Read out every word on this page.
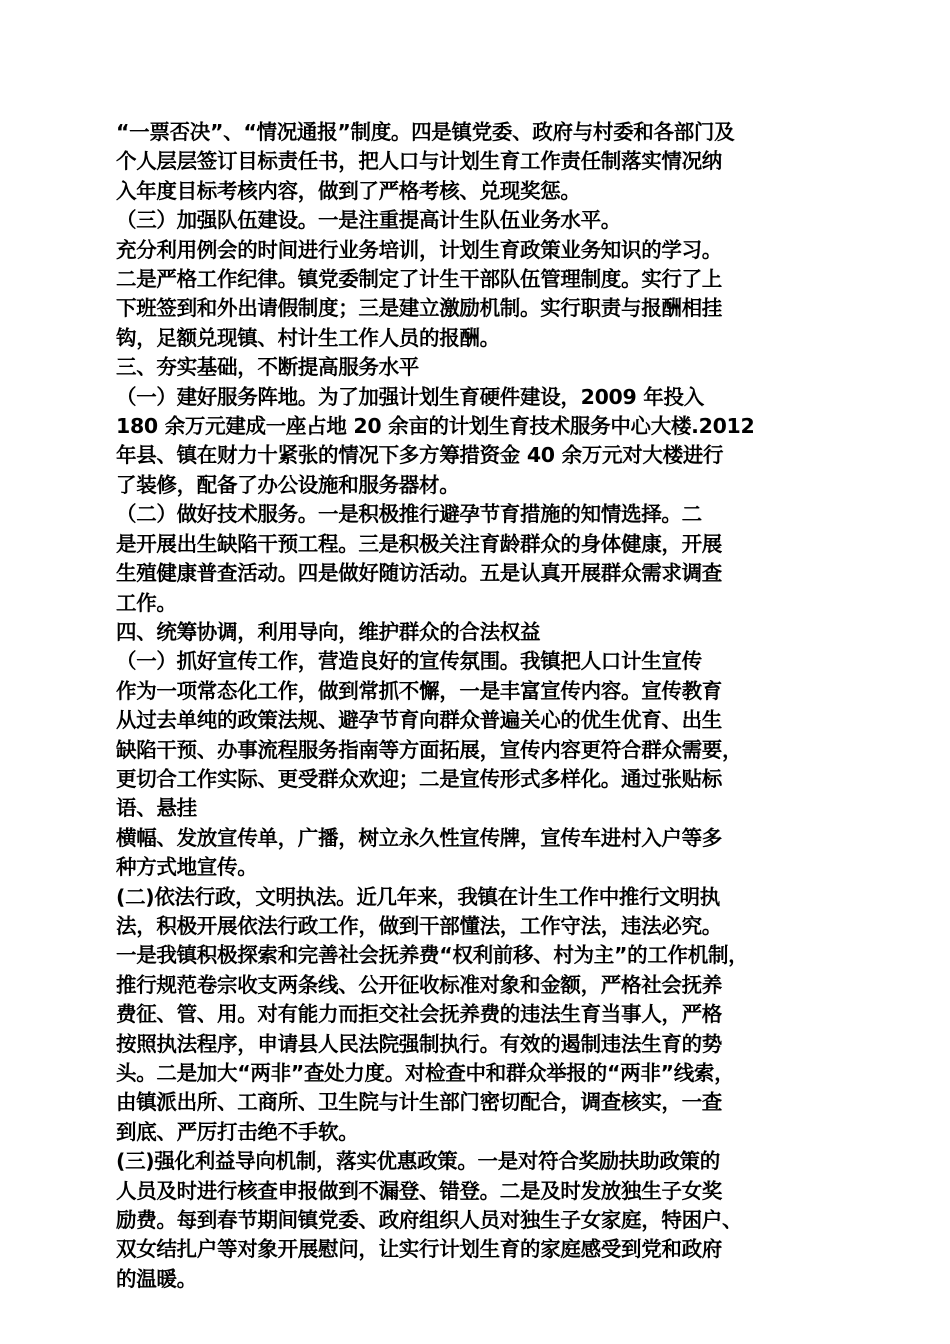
“一票否决”、“情况通报”制度。四是镇党委、政府与村委和各部门及
个人层层签订目标责任书，把人口与计划生育工作责任制落实情况纳
入年度目标考核内容，做到了严格考核、兑现奖惩。
（三）加强队伍建设。一是注重提高计生队伍业务水平。
充分利用例会的时间进行业务培训，计划生育政策业务知识的学习。
二是严格工作纪律。镇党委制定了计生干部队伍管理制度。实行了上
下班签到和外出请假制度；三是建立激励机制。实行职责与报酬相挂
钩，足额兑现镇、村计生工作人员的报酬。
三、夯实基础，不断提高服务水平
（一）建好服务阵地。为了加强计划生育硬件建设，2009 年投入
180 余万元建成一座占地 20 余亩的计划生育技术服务中心大楼.2012
年县、镇在财力十紧张的情况下多方筹措资金 40 余万元对大楼进行
了装修，配备了办公设施和服务器材。
（二）做好技术服务。一是积极推行避孕节育措施的知情选择。二
是开展出生缺陷干预工程。三是积极关注育龄群众的身体健康，开展
生殖健康普查活动。四是做好随访活动。五是认真开展群众需求调查
工作。
四、统筹协调，利用导向，维护群众的合法权益
（一）抓好宣传工作，营造良好的宣传氛围。我镇把人口计生宣传
作为一项常态化工作，做到常抓不懈，一是丰富宣传内容。宣传教育
从过去单纯的政策法规、避孕节育向群众普遍关心的优生优育、出生
缺陷干预、办事流程服务指南等方面拓展，宣传内容更符合群众需要，
更切合工作实际、更受群众欢迎；二是宣传形式多样化。通过张贴标
语、悬挂
横幅、发放宣传单，广播，树立永久性宣传牌，宣传车进村入户等多
种方式地宣传。
(二)依法行政，文明执法。近几年来，我镇在计生工作中推行文明执
法，积极开展依法行政工作，做到干部懂法，工作守法，违法必究。
一是我镇积极探索和完善社会抚养费“权利前移、村为主”的工作机制，
推行规范卷宗收支两条线、公开征收标准对象和金额，严格社会抚养
费征、管、用。对有能力而拒交社会抚养费的违法生育当事人，严格
按照执法程序，申请县人民法院强制执行。有效的遏制违法生育的势
头。二是加大“两非”查处力度。对检查中和群众举报的“两非”线索，
由镇派出所、工商所、卫生院与计生部门密切配合，调查核实，一查
到底、严厉打击绝不手软。
(三)强化利益导向机制，落实优惠政策。一是对符合奖励扶助政策的
人员及时进行核查申报做到不漏登、错登。二是及时发放独生子女奖
励费。每到春节期间镇党委、政府组织人员对独生子女家庭，特困户、
双女结扎户等对象开展慰问，让实行计划生育的家庭感受到党和政府
的温暖。
